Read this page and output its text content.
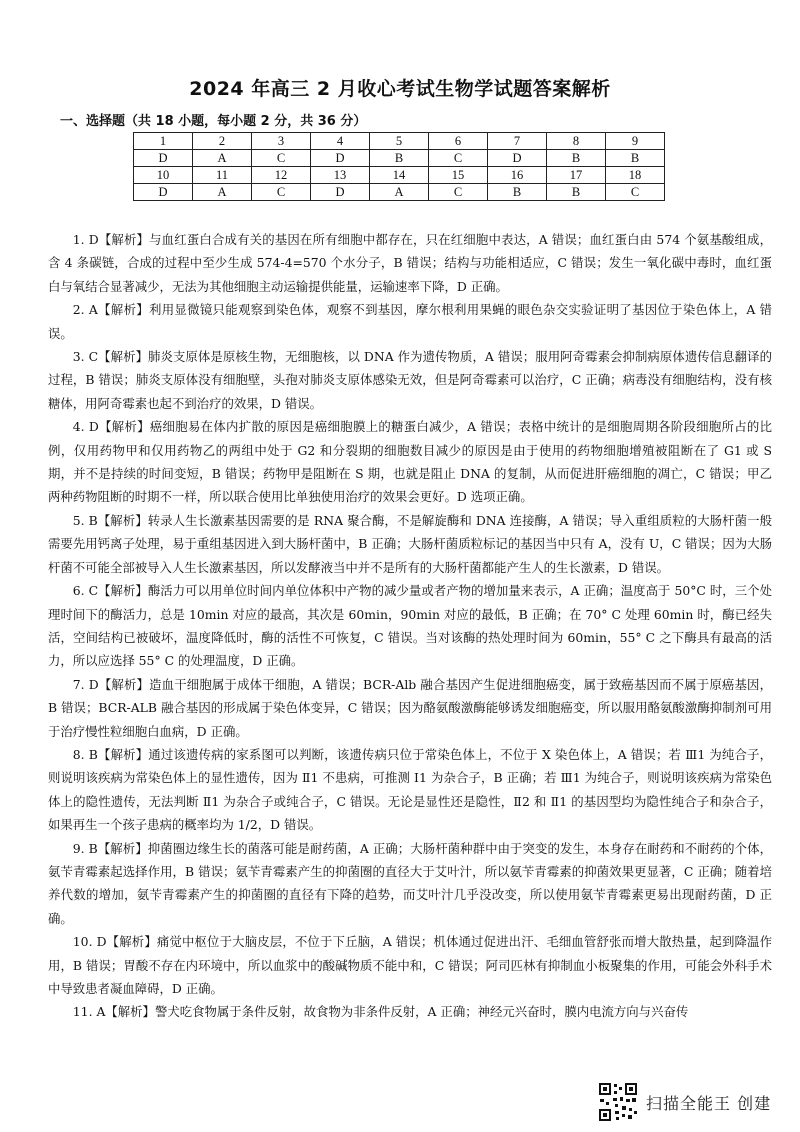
2024 年高三 2 月收心考试生物学试题答案解析
一、选择题（共 18 小题，每小题 2 分，共 36 分）
1	2	3	4	5	6	7	8	9
D	A	C	D	B	C	D	B	B
10	11	12	13	14	15	16	17	18
D	A	C	D	A	C	B	B	C

1. D【解析】与血红蛋白合成有关的基因在所有细胞中都存在，只在红细胞中表达，A 错误；血红蛋白由 574 个氨基酸组成，含 4 条碳链，合成的过程中至少生成 574-4=570 个水分子，B 错误；结构与功能相适应，C 错误；发生一氧化碳中毒时，血红蛋白与氧结合显著减少，无法为其他细胞主动运输提供能量，运输速率下降，D 正确。

2. A【解析】利用显微镜只能观察到染色体，观察不到基因，摩尔根利用果蝇的眼色杂交实验证明了基因位于染色体上，A 错误。

3. C【解析】肺炎支原体是原核生物，无细胞核，以 DNA 作为遗传物质，A 错误；服用阿奇霉素会抑制病原体遗传信息翻译的过程，B 错误；肺炎支原体没有细胞壁，头孢对肺炎支原体感染无效，但是阿奇霉素可以治疗，C 正确；病毒没有细胞结构，没有核糖体，用阿奇霉素也起不到治疗的效果，D 错误。

4. D【解析】癌细胞易在体内扩散的原因是癌细胞膜上的糖蛋白减少，A 错误；表格中统计的是细胞周期各阶段细胞所占的比例，仅用药物甲和仅用药物乙的两组中处于 G2 和分裂期的细胞数目减少的原因是由于使用的药物细胞增殖被阻断在了 G1 或 S 期，并不是持续的时间变短，B 错误；药物甲是阻断在 S 期，也就是阻止 DNA 的复制，从而促进肝癌细胞的凋亡，C 错误；甲乙两种药物阻断的时期不一样，所以联合使用比单独使用治疗的效果会更好。D 选项正确。

5. B【解析】转录人生长激素基因需要的是 RNA 聚合酶，不是解旋酶和 DNA 连接酶，A 错误；导入重组质粒的大肠杆菌一般需要先用钙离子处理，易于重组基因进入到大肠杆菌中，B 正确；大肠杆菌质粒标记的基因当中只有 A，没有 U，C 错误；因为大肠杆菌不可能全部被导入人生长激素基因，所以发酵液当中并不是所有的大肠杆菌都能产生人的生长激素，D 错误。

6. C【解析】酶活力可以用单位时间内单位体积中产物的减少量或者产物的增加量来表示，A 正确；温度高于 50°C 时，三个处理时间下的酶活力，总是 10min 对应的最高，其次是 60min，90min 对应的最低，B 正确；在 70° C 处理 60min 时，酶已经失活，空间结构已被破坏，温度降低时，酶的活性不可恢复，C 错误。当对该酶的热处理时间为 60min，55° C 之下酶具有最高的活力，所以应选择 55° C 的处理温度，D 正确。

7. D【解析】造血干细胞属于成体干细胞，A 错误；BCR-Alb 融合基因产生促进细胞癌变，属于致癌基因而不属于原癌基因，B 错误；BCR-ALB 融合基因的形成属于染色体变异，C 错误；因为酪氨酸激酶能够诱发细胞癌变，所以服用酪氨酸激酶抑制剂可用于治疗慢性粒细胞白血病，D 正确。

8. B【解析】通过该遗传病的家系图可以判断，该遗传病只位于常染色体上，不位于 X 染色体上，A 错误；若 Ⅲ1 为纯合子，则说明该疾病为常染色体上的显性遗传，因为 Ⅱ1 不患病，可推测 Ⅰ1 为杂合子，B 正确；若 Ⅲ1 为纯合子，则说明该疾病为常染色体上的隐性遗传，无法判断 Ⅱ1 为杂合子或纯合子，C 错误。无论是显性还是隐性，Ⅱ2 和 Ⅱ1 的基因型均为隐性纯合子和杂合子，如果再生一个孩子患病的概率均为 1/2，D 错误。

9. B【解析】抑菌圈边缘生长的菌落可能是耐药菌，A 正确；大肠杆菌种群中由于突变的发生，本身存在耐药和不耐药的个体，氨苄青霉素起选择作用，B 错误；氨苄青霉素产生的抑菌圈的直径大于艾叶汁，所以氨苄青霉素的抑菌效果更显著，C 正确；随着培养代数的增加，氨苄青霉素产生的抑菌圈的直径有下降的趋势，而艾叶汁几乎没改变，所以使用氨苄青霉素更易出现耐药菌，D 正确。

10. D【解析】痛觉中枢位于大脑皮层，不位于下丘脑，A 错误；机体通过促进出汗、毛细血管舒张而增大散热量，起到降温作用，B 错误；胃酸不存在内环境中，所以血浆中的酸碱物质不能中和，C 错误；阿司匹林有抑制血小板聚集的作用，可能会外科手术中导致患者凝血障碍，D 正确。

11. A【解析】警犬吃食物属于条件反射，故食物为非条件反射，A 正确；神经元兴奋时，膜内电流方向与兴奋传

扫描全能王 创建
